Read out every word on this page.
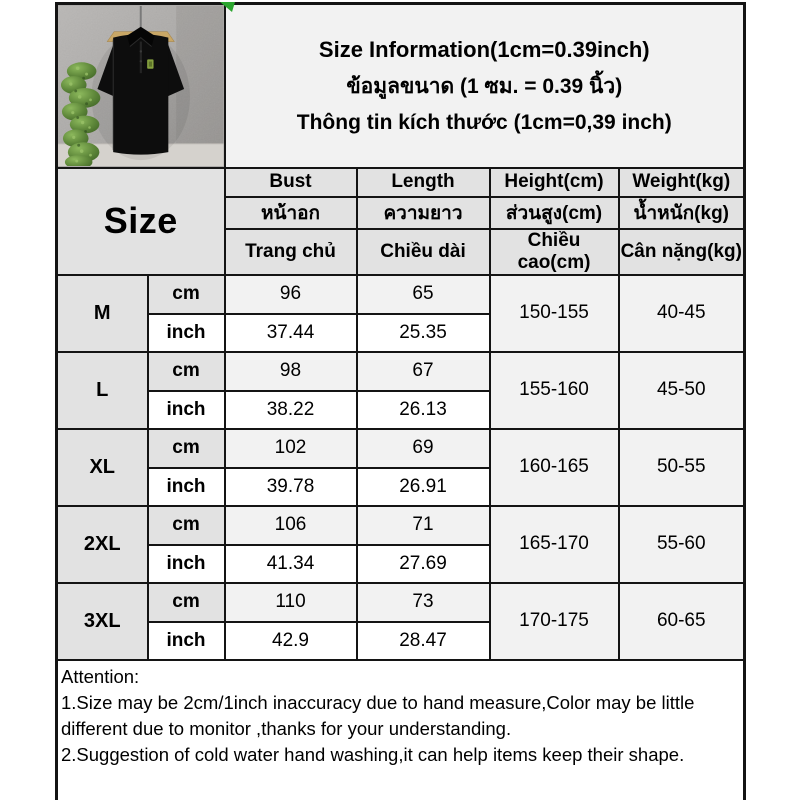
Size Information(1cm=0.39inch)
ข้อมูลขนาด (1 ซม. = 0.39 นิ้ว)
Thông tin kích thước (1cm=0,39 inch)			

Size		Bust	Length	Height(cm)	Weight(kg)
		หน้าอก	ความยาว	ส่วนสูง(cm)	น้ำหนัก(kg)
		Trang chủ	Chiều dài	Chiều cao(cm)	Cân nặng(kg)
M	cm	96	65	150-155	40-45
	inch	37.44	25.35		
L	cm	98	67	155-160	45-50
	inch	38.22	26.13		
XL	cm	102	69	160-165	50-55
	inch	39.78	26.91		
2XL	cm	106	71	165-170	55-60
	inch	41.34	27.69		
3XL	cm	110	73	170-175	60-65
	inch	42.9	28.47		

Attention:
1.Size may be 2cm/1inch inaccuracy due to hand measure,Color may be little different due to monitor ,thanks for your understanding.
2.Suggestion of cold water hand washing,it can help items keep their shape.					
